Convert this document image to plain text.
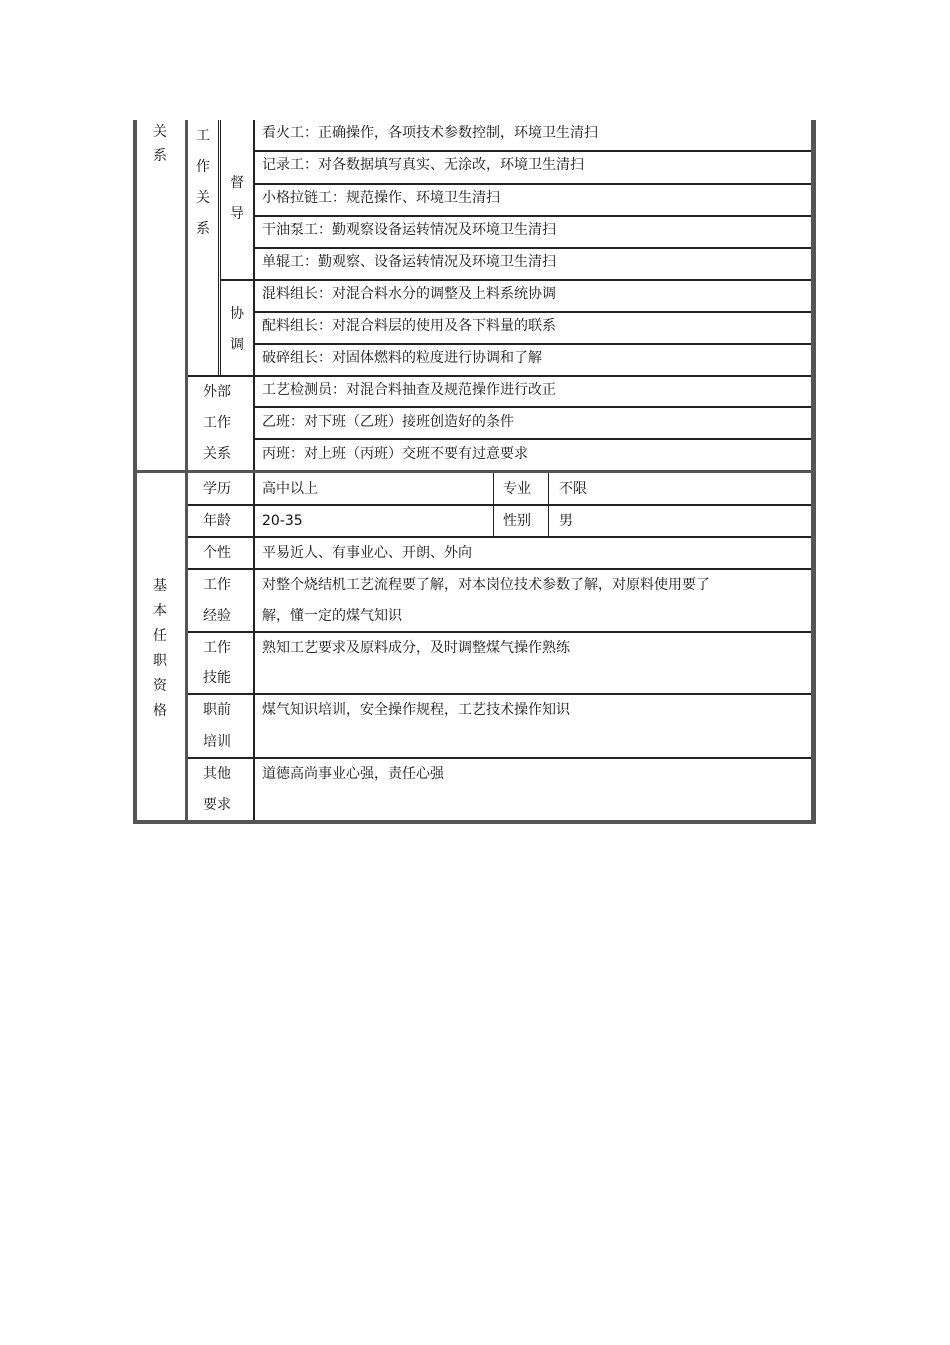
关
系
工
作
关
系
督
导
协
调
外部
工作
关系
看火工：正确操作，各项技术参数控制，环境卫生清扫
记录工：对各数据填写真实、无涂改，环境卫生清扫
小格拉链工：规范操作、环境卫生清扫
干油泵工：勤观察设备运转情况及环境卫生清扫
单辊工：勤观察、设备运转情况及环境卫生清扫
混料组长：对混合料水分的调整及上料系统协调
配料组长：对混合料层的使用及各下料量的联系
破碎组长：对固体燃料的粒度进行协调和了解
工艺检测员：对混合料抽查及规范操作进行改正
乙班：对下班（乙班）接班创造好的条件
丙班：对上班（丙班）交班不要有过意要求
基
本
任
职
资
格
学历 高中以上	专业 不限
年龄 20-35	性别 男
个性 平易近人、有事业心、开朗、外向
工作
经验
对整个烧结机工艺流程要了解，对本岗位技术参数了解，对原料使用要了
解，懂一定的煤气知识
工作
技能
熟知工艺要求及原料成分，及时调整煤气操作熟练
职前
培训
煤气知识培训，安全操作规程，工艺技术操作知识
其他
要求
道德高尚事业心强，责任心强
